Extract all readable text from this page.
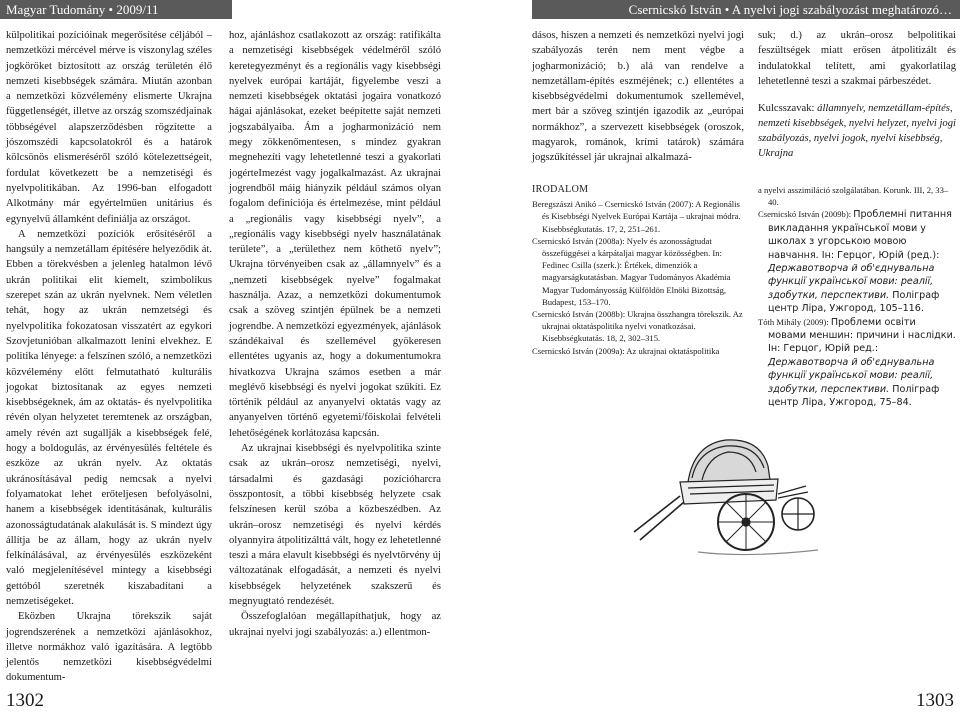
Magyar Tudomány • 2009/11	Csernicskó István • A nyelvi jogi szabályozást meghatározó…

külpolitikai pozícióinak megerősítése céljából – nemzetközi mércével mérve is viszonylag széles jogköröket biztosított az ország területén élő nemzeti kisebbségek számára. Miután azonban a nemzetközi közvélemény elismerte Ukrajna függetlenségét, illetve az ország szomszédjainak többségével alapszerződésben rögzítette a jószomszédi kapcsolatokról és a határok kölcsönös elismeréséről szóló kötelezettségeit, fordulat következett be a nemzetiségi és nyelvpolitikában. Az 1996-ban elfogadott Alkotmány már egyértelműen unitárius és egynyelvű államként definiálja az országot.

A nemzetközi pozíciók erősítéséről a hangsúly a nemzetállam építésére helyeződik át. Ebben a törekvésben a jelenleg hatalmon lévő ukrán politikai elit kiemelt, szimbolikus szerepet szán az ukrán nyelvnek. Nem véletlen tehát, hogy az ukrán nemzetségi és nyelvpolitika fokozatosan visszatért az egykori Szovjetunióban alkalmazott lenini elvekhez. E politika lényege: a felszínen szóló, a nemzetközi közvélemény előtt felmutatható kulturális jogokat biztosítanak az egyes nemzeti kisebbségeknek, ám az oktatás- és nyelvpolitika révén olyan helyzetet teremtenek az országban, amely révén azt sugallják a kisebbségek felé, hogy a boldogulás, az érvényesülés feltétele és eszköze az ukrán nyelv. Az oktatás ukránosításával pedig nemcsak a nyelvi folyamatokat lehet erőteljesen befolyásolni, hanem a kisebbségek identitásának, kulturális azonosságtudatának alakulását is. S mindezt úgy állítja be az állam, hogy az ukrán nyelv felkínálásával, az érvényesülés eszközeként való megjelenítésével mintegy a kisebbségi gettóból szeretnék kiszabadítani a nemzetiségeket.

Eközben Ukrajna törekszik saját jogrendszerének a nemzetközi ajánlásokhoz, illetve normákhoz való igazítására. A legtöbb jelentős nemzetközi kisebbségvédelmi dokumentum-

hoz, ajánláshoz csatlakozott az ország: ratifikálta a nemzetiségi kisebbségek védelméről szóló keretegyezményt és a regionális vagy kisebbségi nyelvek európai kartáját, figyelembe veszi a nemzeti kisebbségek oktatási jogaira vonatkozó hágai ajánlásokat, ezeket beépítette saját nemzeti jogszabályaiba. Ám a jogharmonizáció nem megy zökkenőmentesen, s mindez gyakran megnehezíti vagy lehetetlenné teszi a gyakorlati jogérteImezést vagy jogalkalmazást. Az ukrajnai jogrendből máig hiányzik például számos olyan fogalom definíciója és értelmezése, mint például a „regionális vagy kisebbségi nyelv”, a „regionális vagy kisebbségi nyelv használatának területe”, a „területhez nem köthető nyelv”; Ukrajna törvényeiben csak az „államnyelv” és a „nemzeti kisebbségek nyelve” fogalmakat használja. Azaz, a nemzetközi dokumentumok csak a szöveg szintjén épülnek be a nemzeti jogrendbe. A nemzetközi egyezmények, ajánlások szándékaival és szellemével gyökeresen ellentétes ugyanis az, hogy a dokumentumokra hivatkozva Ukrajna számos esetben a már meglévő kisebbségi és nyelvi jogokat szűkíti. Ez történik például az anyanyelvi oktatás vagy az anyanyelven történő egyetemi/főiskolai felvételi lehetőségének korlátozása kapcsán.

Az ukrajnai kisebbségi és nyelvpolitika szinte csak az ukrán–orosz nemzetiségi, nyelvi, társadalmi és gazdasági pozícióharcra összpontosít, a többi kisebbség helyzete csak felszínesen kerül szóba a közbeszédben. Az ukrán–orosz nemzetiségi és nyelvi kérdés olyannyira átpolitizálttá vált, hogy ez lehetetlenné teszi a mára elavult kisebbségi és nyelvtörvény új változatának elfogadását, a nemzeti és nyelvi kisebbségek helyzetének szakszerű és megnyugtató rendezését.

Összefoglalóan megállapíthatjuk, hogy az ukrajnai nyelvi jogi szabályozás: a.) ellentmon-

dásos, hiszen a nemzeti és nemzetközi nyelvi jogi szabályozás terén nem ment végbe a jogharmonizáció; b.) alá van rendelve a nemzetállam-építés eszméjének; c.) ellentétes a kisebbségvédelmi dokumentumok szellemével, mert bár a szöveg szintjén igazodik az „európai normákhoz”, a szervezett kisebbségek (oroszok, magyarok, románok, krími tatárok) számára jogszűkítéssel jár ukrajnai alkalmazá-

suk; d.) az ukrán–orosz belpolitikai feszültségek miatt erősen átpolitizált és indulatokkal telített, ami gyakorlatilag lehetetlenné teszi a szakmai párbeszédet.

Kulcsszavak: államnyelv, nemzetállam-építés, nemzeti kisebbségek, nyelvi helyzet, nyelvi jogi szabályozás, nyelvi jogok, nyelvi kisebbség, Ukrajna

IRODALOM

Beregszászi Anikó – Csernicskó István (2007): A Regionális és Kisebbségi Nyelvek Európai Kartája – ukrajnai módra. Kisebbségkutatás. 17, 2, 251–261.

Csernicskó István (2008a): Nyelv és azonosságtudat összefüggései a kárpátaljai magyar közösségben. In: Fedinec Csilla (szerk.): Értékek, dimenziók a magyarságkutatásban. Magyar Tudományos Akadémia Magyar Tudományosság Külföldön Elnöki Bizottság, Budapest, 153–170.

Csernicskó István (2008b): Ukrajna összhangra törekszik. Az ukrajnai oktatáspolitika nyelvi vonatkozásai. Kisebbségkutatás. 18, 2, 302–315.

Csernicskó István (2009a): Az ukrajnai oktatáspolitika

a nyelvi asszimiláció szolgálatában. Korunk. III, 2, 33–40.

Csernicskó István (2009b): Проблемні питання викладання української мови у школах з угорською мовою навчання. Ін: Герцог, Юрій (ред.): Державотворча й об'єднувальна функції української мови: реалії, здобутки, перспективи. Поліграф центр Ліра, Ужгород, 105–116.

Tóth Mihály (2009): Проблеми освіти мовами меншин: причини і наслідки. Ін: Герцог, Юрій ред.: Державотворча й об'єднувальна функції української мови: реалії, здобутки, перспективи. Поліграф центр Ліра, Ужгород, 75–84.

1302	1303
